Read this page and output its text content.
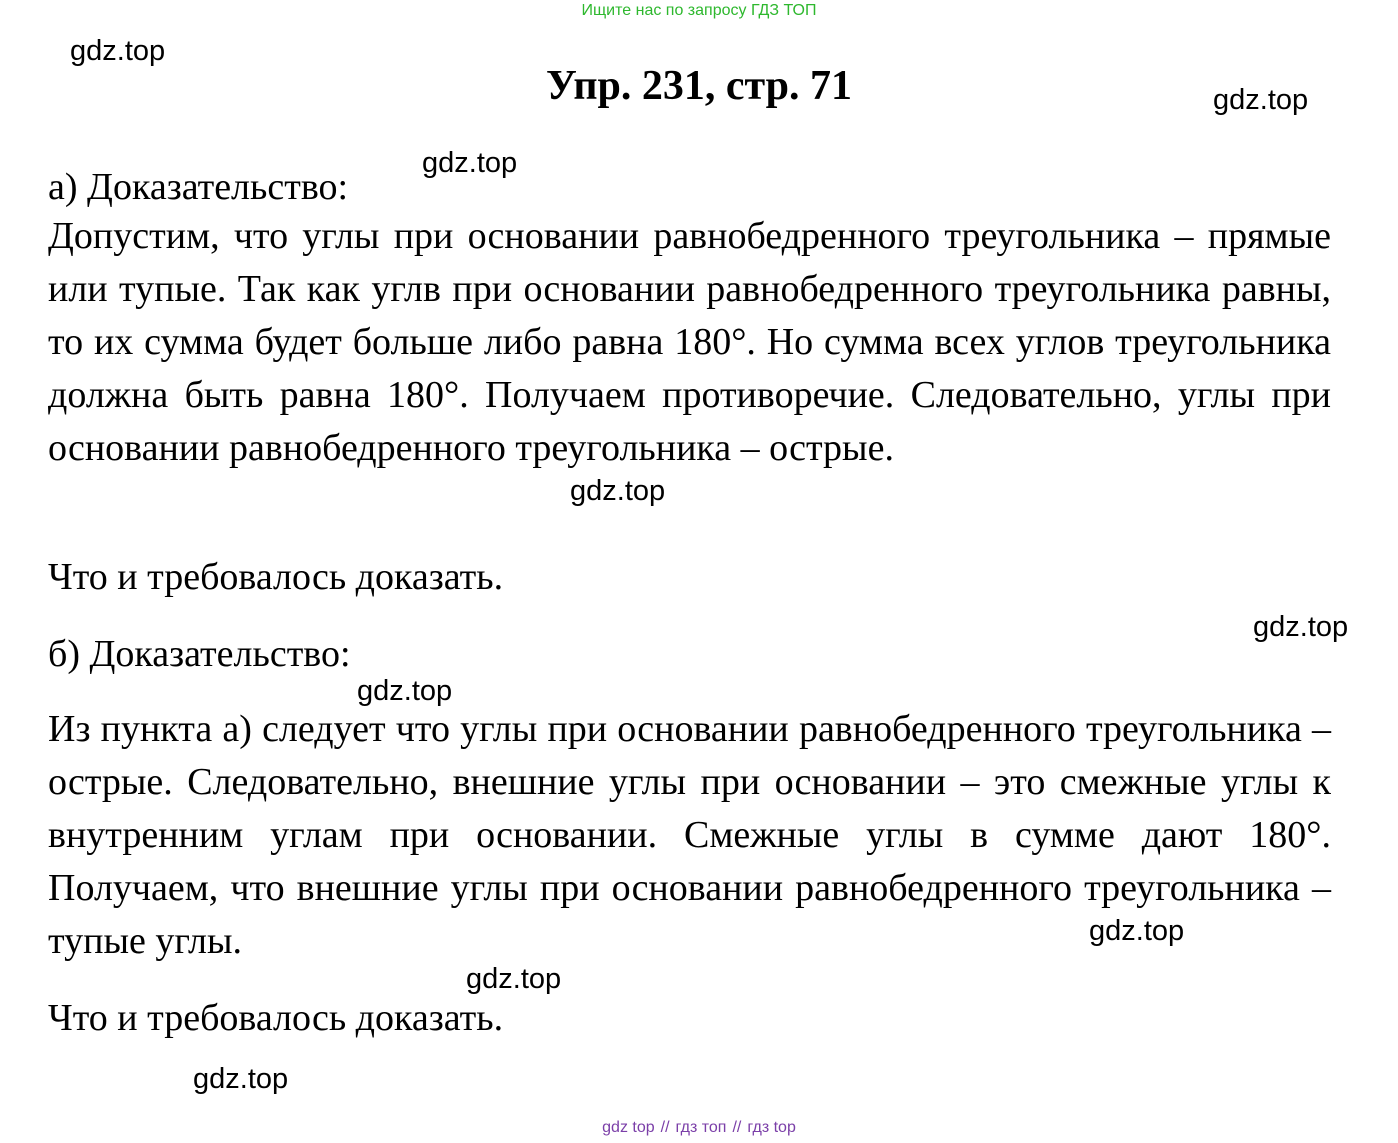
Ищите нас по запросу ГДЗ ТОП
Упр. 231, стр. 71
а) Доказательство:
Допустим, что углы при основании равнобедренного треугольника – прямые или тупые. Так как углв при основании равнобедренного треугольника равны, то их сумма будет больше либо равна 180°. Но сумма всех углов треугольника должна быть равна 180°. Получаем противоречие. Следовательно, углы при основании равнобедренного треугольника – острые.
Что и требовалось доказать.
б) Доказательство:
Из пункта а) следует что углы при основании равнобедренного треугольника – острые. Следовательно, внешние углы при основании – это смежные углы к внутренним углам при основании. Смежные углы в сумме дают 180°. Получаем, что внешние углы при основании равнобедренного треугольника – тупые углы.
Что и требовалось доказать.
gdz.top
gdz.top
gdz.top
gdz.top
gdz.top
gdz.top
gdz.top
gdz.top
gdz.top
gdz top // гдз топ // гдз top
